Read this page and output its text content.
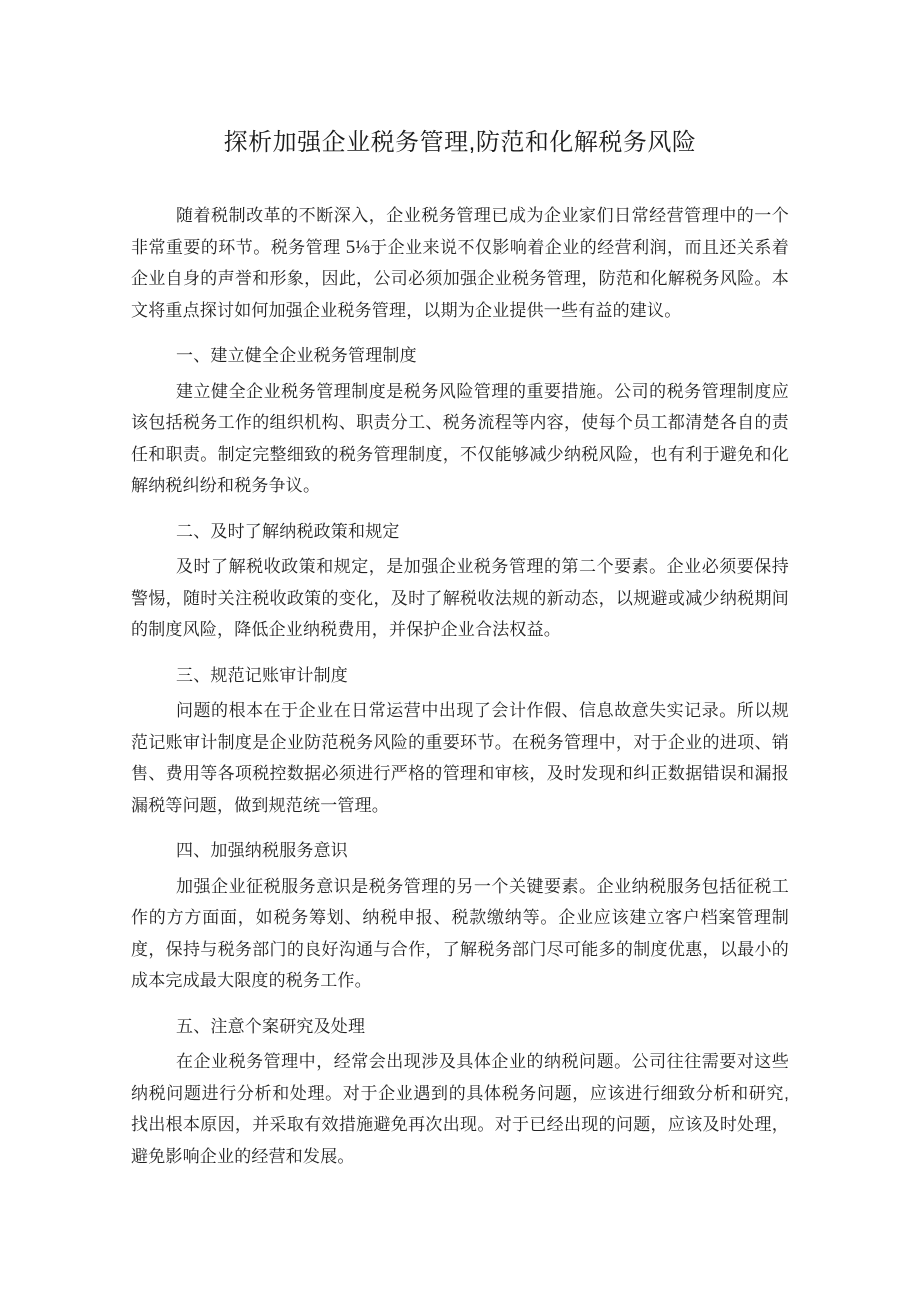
探析加强企业税务管理,防范和化解税务风险

随着税制改革的不断深入，企业税务管理已成为企业家们日常经营管理中的一个非常重要的环节。税务管理 5⅛于企业来说不仅影响着企业的经营利润，而且还关系着企业自身的声誉和形象，因此，公司必须加强企业税务管理，防范和化解税务风险。本文将重点探讨如何加强企业税务管理，以期为企业提供一些有益的建议。

一、建立健全企业税务管理制度

建立健全企业税务管理制度是税务风险管理的重要措施。公司的税务管理制度应该包括税务工作的组织机构、职责分工、税务流程等内容，使每个员工都清楚各自的责任和职责。制定完整细致的税务管理制度，不仅能够减少纳税风险，也有利于避免和化解纳税纠纷和税务争议。

二、及时了解纳税政策和规定

及时了解税收政策和规定，是加强企业税务管理的第二个要素。企业必须要保持警惕，随时关注税收政策的变化，及时了解税收法规的新动态，以规避或减少纳税期间的制度风险，降低企业纳税费用，并保护企业合法权益。

三、规范记账审计制度

问题的根本在于企业在日常运营中出现了会计作假、信息故意失实记录。所以规范记账审计制度是企业防范税务风险的重要环节。在税务管理中，对于企业的进项、销售、费用等各项税控数据必须进行严格的管理和审核，及时发现和纠正数据错误和漏报漏税等问题，做到规范统一管理。

四、加强纳税服务意识

加强企业征税服务意识是税务管理的另一个关键要素。企业纳税服务包括征税工作的方方面面，如税务筹划、纳税申报、税款缴纳等。企业应该建立客户档案管理制度，保持与税务部门的良好沟通与合作，了解税务部门尽可能多的制度优惠，以最小的成本完成最大限度的税务工作。

五、注意个案研究及处理

在企业税务管理中，经常会出现涉及具体企业的纳税问题。公司往往需要对这些纳税问题进行分析和处理。对于企业遇到的具体税务问题，应该进行细致分析和研究,找出根本原因，并采取有效措施避免再次出现。对于已经出现的问题，应该及时处理，避免影响企业的经营和发展。
